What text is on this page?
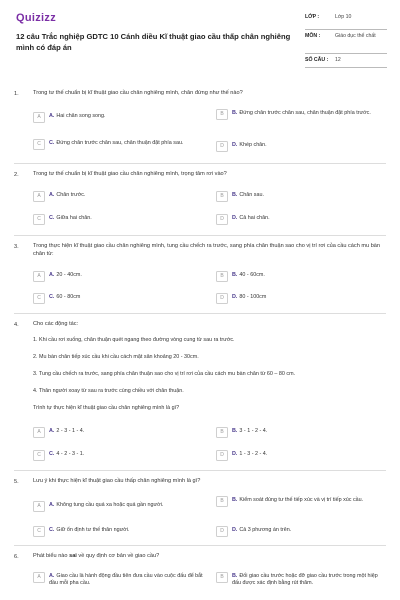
Quizizz
12 câu Trắc nghiệp GDTC 10 Cánh diều Kĩ thuật giao cầu thấp chân nghiêng mình có đáp án
LỚP :	Lớp 10
MÔN :	Giáo dục thể chất
SỐ CÂU :	12
1.	Trong tư thế chuẩn bị kĩ thuật giao cầu chân nghiêng mình, chân đứng như thế nào?
A	A. Hai chân song song.	B	B. Đứng chân trước chân sau, chân thuận đặt phía trước.
C	C. Đứng chân trước chân sau, chân thuận đặt phía sau.	D	D. Khép chân.
2.	Trong tư thế chuẩn bị kĩ thuật giao cầu chân nghiêng mình, trọng tâm rơi vào?
A	A. Chân trước.	B	B. Chân sau.
C	C. Giữa hai chân.	D	D. Cả hai chân.
3.	Trong thực hiện kĩ thuật giao cầu chân nghiêng mình, tung cầu chếch ra trước, sang phía chân thuận sao cho vị trí rơi của cầu cách mu bàn chân từ:
A	A. 20 - 40cm.	B	B. 40 - 60cm.
C	C. 60 - 80cm	D	D. 80 - 100cm
4.	Cho các động tác:
1. Khi cầu rơi xuống, chân thuận quét ngang theo đường vòng cung từ sau ra trước.
2. Mu bàn chân tiếp xúc cầu khi cầu cách mặt sân khoảng 20 - 30cm.
3. Tung cầu chếch ra trước, sang phía chân thuận sao cho vị trí rơi của cầu cách mu bàn chân từ 60 – 80 cm.
4. Thân người xoay từ sau ra trước cùng chiều với chân thuận.
Trình tự thực hiện kĩ thuật giao cầu chân nghiêng mình là gì?
A	A. 2 - 3 - 1 - 4.	B	B. 3 - 1 - 2 - 4.
C	C. 4 - 2 - 3 - 1.	D	D. 1 - 3 - 2 - 4.
5.	Lưu ý khi thực hiện kĩ thuật giao cầu thấp chân nghiêng mình là gì?
A	A. Không tung cầu quá xa hoặc quá gần người.
B	B. Kiểm soát đúng tư thế tiếp xúc và vị trí tiếp xúc cầu.
C	C. Giữ ổn định tư thế thân người.	D	D. Cả 3 phương án trên.
6.	Phát biểu nào sai về quy định cơ bản về giao cầu?
A	A. Giao cầu là hành động đầu tiên đưa cầu vào cuộc đấu để bắt đầu mỗi pha cầu.
B	B. Đối giao cầu trước hoặc đỡ giao cầu trước trong một hiệp đấu được xác định bằng rút thăm.
